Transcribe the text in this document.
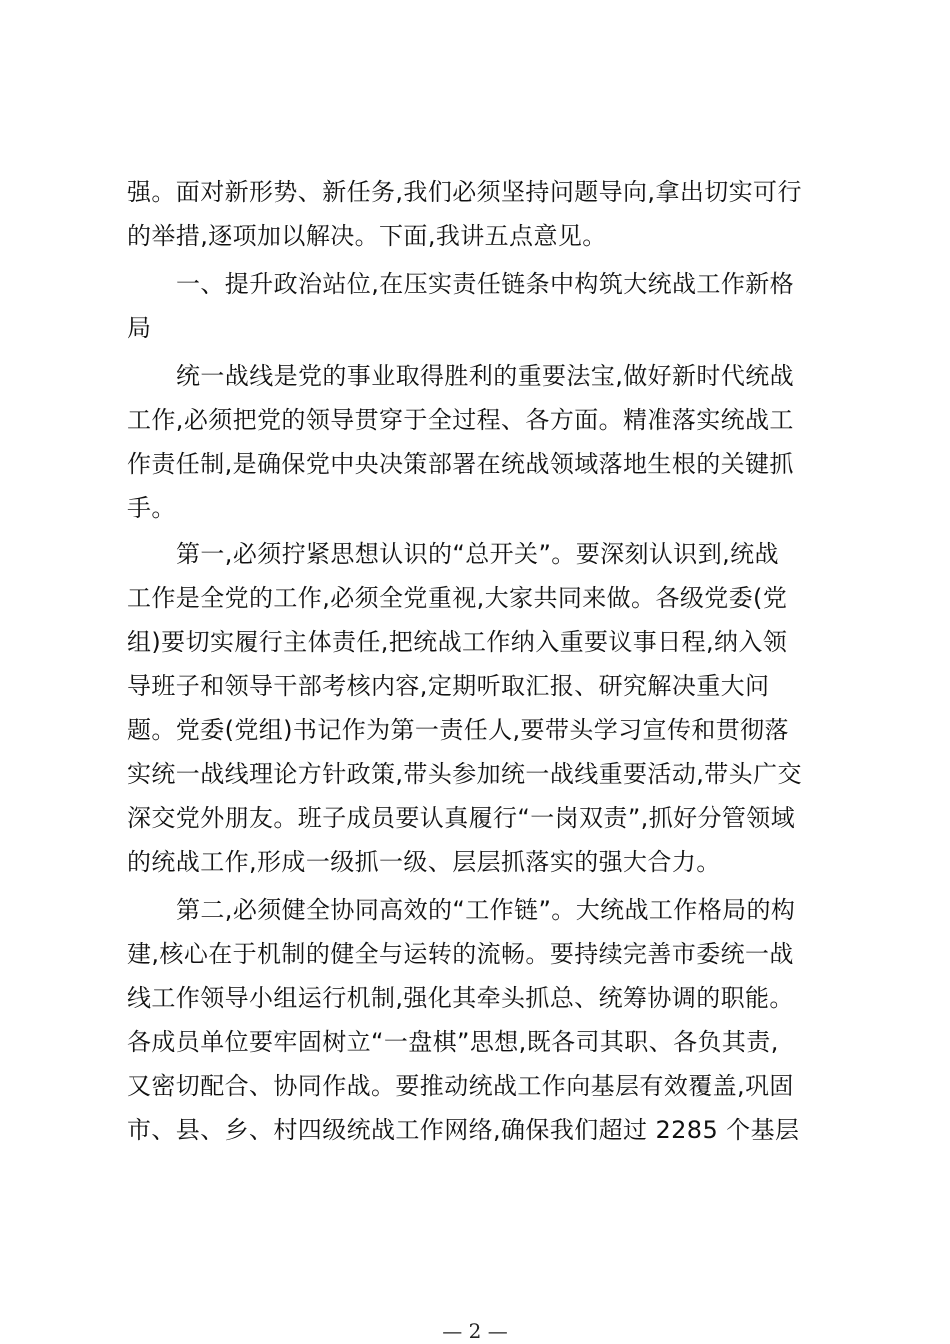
强。面对新形势、新任务,我们必须坚持问题导向,拿出切实可行
的举措,逐项加以解决。下面,我讲五点意见。
一、提升政治站位,在压实责任链条中构筑大统战工作新格
局
统一战线是党的事业取得胜利的重要法宝,做好新时代统战
工作,必须把党的领导贯穿于全过程、各方面。精准落实统战工
作责任制,是确保党中央决策部署在统战领域落地生根的关键抓
手。
第一,必须拧紧思想认识的“总开关”。要深刻认识到,统战
工作是全党的工作,必须全党重视,大家共同来做。各级党委(党
组)要切实履行主体责任,把统战工作纳入重要议事日程,纳入领
导班子和领导干部考核内容,定期听取汇报、研究解决重大问
题。党委(党组)书记作为第一责任人,要带头学习宣传和贯彻落
实统一战线理论方针政策,带头参加统一战线重要活动,带头广交
深交党外朋友。班子成员要认真履行“一岗双责”,抓好分管领域
的统战工作,形成一级抓一级、层层抓落实的强大合力。
第二,必须健全协同高效的“工作链”。大统战工作格局的构
建,核心在于机制的健全与运转的流畅。要持续完善市委统一战
线工作领导小组运行机制,强化其牵头抓总、统筹协调的职能。
各成员单位要牢固树立“一盘棋”思想,既各司其职、各负其责,
又密切配合、协同作战。要推动统战工作向基层有效覆盖,巩固
市、县、乡、村四级统战工作网络,确保我们超过 2285 个基层
— 2 —
